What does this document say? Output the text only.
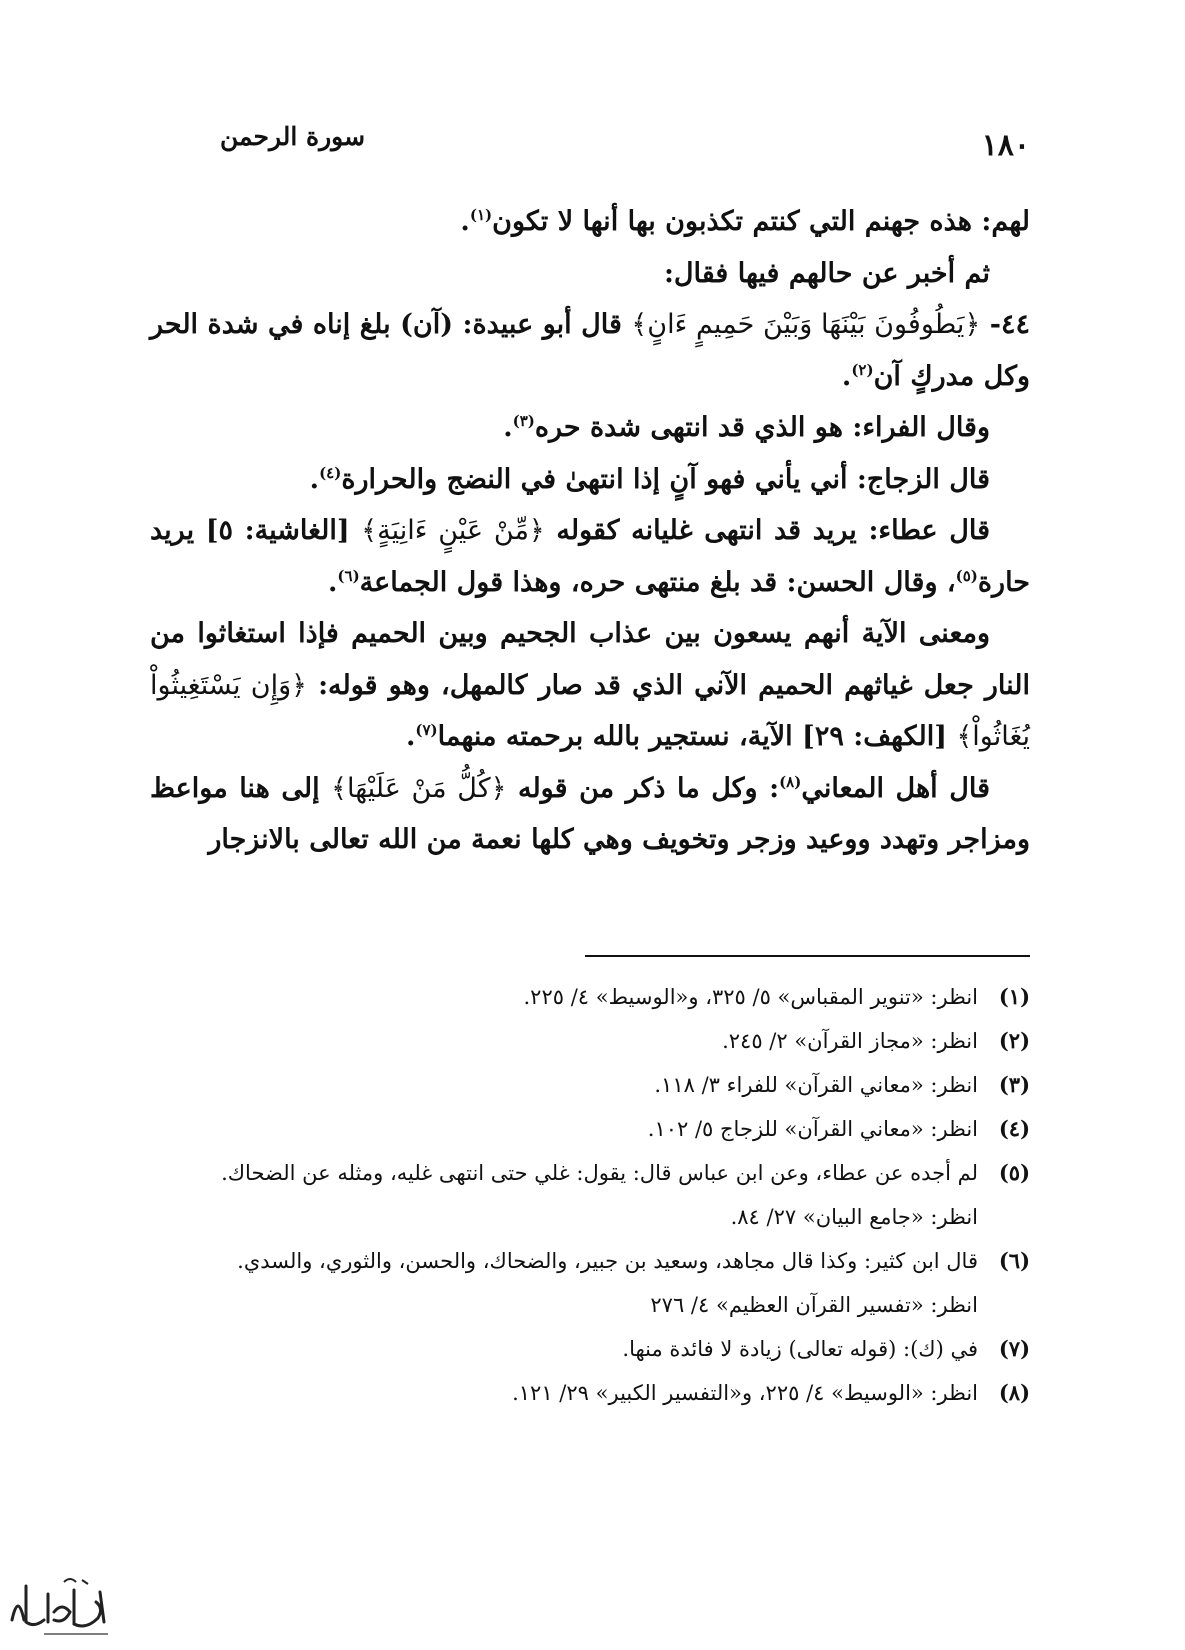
١٨٠
سورة الرحمن

لهم: هذه جهنم التي كنتم تكذبون بها أنها لا تكون$^{(١)}$.

ثم أخبر عن حالهم فيها فقال:

٤٤- ﴿يَطُوفُونَ بَيْنَهَا وَبَيْنَ حَمِيمٍ ءَانٍ﴾ قال أبو عبيدة: (آن) بلغ إناه في شدة الحر وكل مدركٍ آن$^{(٢)}$.

وقال الفراء: هو الذي قد انتهى شدة حره$^{(٣)}$.

قال الزجاج: أني يأني فهو آنٍ إذا انتهىٰ في النضج والحرارة$^{(٤)}$.

قال عطاء: يريد قد انتهى غليانه كقوله ﴿مِّنْ عَيْنٍ ءَانِيَةٍ﴾ [الغاشية: ٥] يريد حارة$^{(٥)}$، وقال الحسن: قد بلغ منتهى حره، وهذا قول الجماعة$^{(٦)}$.

ومعنى الآية أنهم يسعون بين عذاب الجحيم وبين الحميم فإذا استغاثوا من النار جعل غياثهم الحميم الآني الذي قد صار كالمهل، وهو قوله: ﴿وَإِن يَسْتَغِيثُواْ يُغَاثُواْ﴾ [الكهف: ٢٩] الآية، نستجير بالله برحمته منهما$^{(٧)}$.

قال أهل المعاني$^{(٨)}$: وكل ما ذكر من قوله ﴿كُلُّ مَنْ عَلَيْهَا﴾ إلى هنا مواعظ ومزاجر وتهدد ووعيد وزجر وتخويف وهي كلها نعمة من الله تعالى بالانزجار

(١)
انظر: «تنوير المقباس» ٥/ ٣٢٥، و«الوسيط» ٤/ ٢٢٥.
(٢)
انظر: «مجاز القرآن» ٢/ ٢٤٥.
(٣)
انظر: «معاني القرآن» للفراء ٣/ ١١٨.
(٤)
انظر: «معاني القرآن» للزجاج ٥/ ١٠٢.
(٥)
لم أجده عن عطاء، وعن ابن عباس قال: يقول: غلي حتى انتهى غليه، ومثله عن الضحاك.
انظر: «جامع البيان» ٢٧/ ٨٤.
(٦)
قال ابن كثير: وكذا قال مجاهد، وسعيد بن جبير، والضحاك، والحسن، والثوري، والسدي.
انظر: «تفسير القرآن العظيم» ٤/ ٢٧٦
(٧)
في (ك): (قوله تعالى) زيادة لا فائدة منها.
(٨)
انظر: «الوسيط» ٤/ ٢٢٥، و«التفسير الكبير» ٢٩/ ١٢١.
